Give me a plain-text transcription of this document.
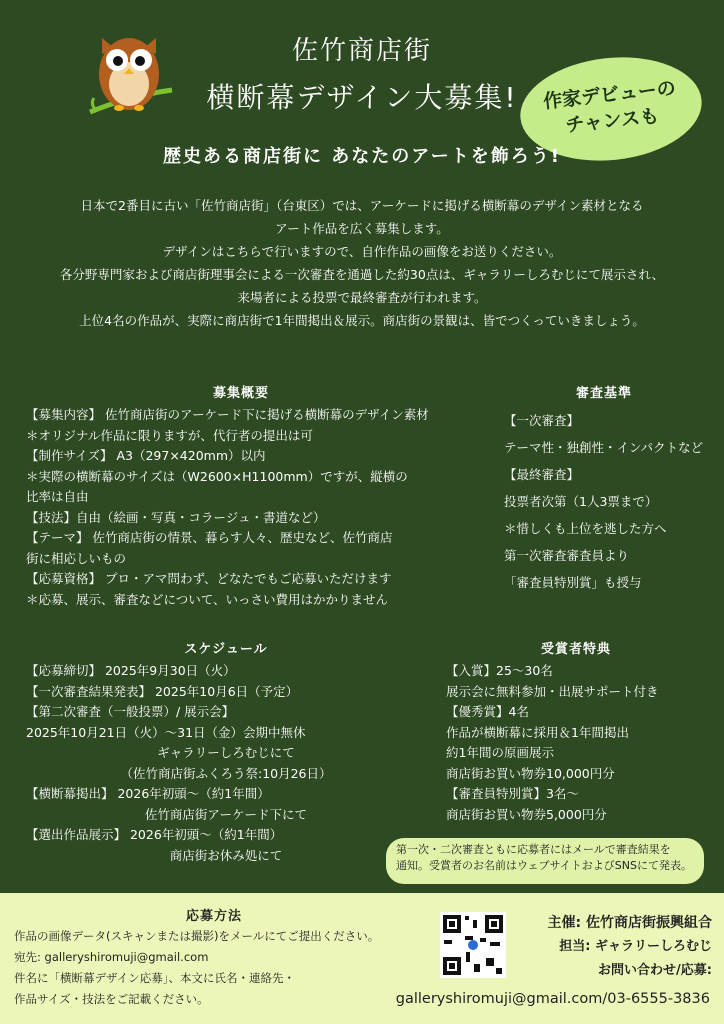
佐竹商店街
横断幕デザイン大募集!	作家デビューの
チャンスも
歴史ある商店街に あなたのアートを飾ろう!
日本で2番目に古い「佐竹商店街」（台東区）では、アーケードに掲げる横断幕のデザイン素材となる
アート作品を広く募集します。
デザインはこちらで行いますので、自作作品の画像をお送りください。
各分野専門家および商店街理事会による一次審査を通過した約30点は、ギャラリーしろむじにて展示され、
来場者による投票で最終審査が行われます。
上位4名の作品が、実際に商店街で1年間掲出＆展示。商店街の景観は、皆でつくっていきましょう。
募集概要
【募集内容】 佐竹商店街のアーケード下に掲げる横断幕のデザイン素材
＊オリジナル作品に限りますが、代行者の提出は可
【制作サイズ】 A3（297×420mm）以内
＊実際の横断幕のサイズは（W2600×H1100mm）ですが、縦横の
比率は自由
【技法】自由（絵画・写真・コラージュ・書道など）
【テーマ】 佐竹商店街の情景、暮らす人々、歴史など、佐竹商店
街に相応しいもの
【応募資格】 プロ・アマ問わず、どなたでもご応募いただけます
＊応募、展示、審査などについて、いっさい費用はかかりません
審査基準
【一次審査】
テーマ性・独創性・インパクトなど
【最終審査】
投票者次第（1人3票まで）
＊惜しくも上位を逃した方へ
第一次審査審査員より
「審査員特別賞」も授与
スケジュール
【応募締切】 2025年9月30日（火）
【一次審査結果発表】 2025年10月6日（予定）
【第二次審査（一般投票）/ 展示会】
2025年10月21日（火）～31日（金）会期中無休
ギャラリーしろむじにて
（佐竹商店街ふくろう祭:10月26日）
【横断幕掲出】 2026年初頭～（約1年間）
佐竹商店街アーケード下にて
【選出作品展示】 2026年初頭～（約1年間）
商店街お休み処にて
受賞者特典
【入賞】25～30名
展示会に無料参加・出展サポート付き
【優秀賞】4名
作品が横断幕に採用＆1年間掲出
約1年間の原画展示
商店街お買い物券10,000円分
【審査員特別賞】3名～
商店街お買い物券5,000円分
第一次・二次審査ともに応募者にはメールで審査結果を
通知。受賞者のお名前はウェブサイトおよびSNSにて発表。
応募方法
作品の画像データ(スキャンまたは撮影)をメールにてご提出ください。
宛先: galleryshiromuji@gmail.com
件名に「横断幕デザイン応募」、本文に氏名・連絡先・
作品サイズ・技法をご記載ください。
主催: 佐竹商店街振興組合
担当: ギャラリーしろむじ
お問い合わせ/応募:
galleryshiromuji@gmail.com/03-6555-3836
